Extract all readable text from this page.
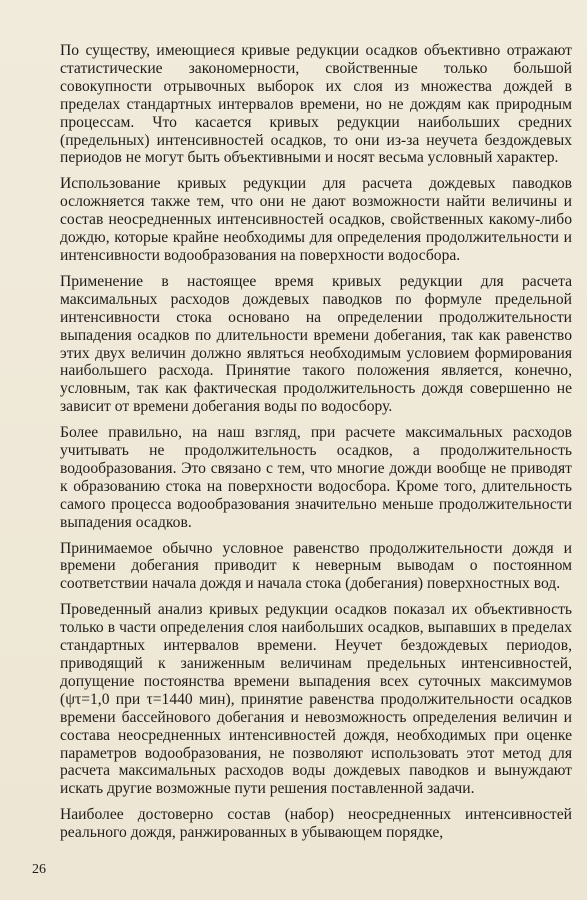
По существу, имеющиеся кривые редукции осадков объективно отражают статистические закономерности, свойственные только большой совокупности отрывочных выборок их слоя из множества дождей в пределах стандартных интервалов времени, но не дождям как природным процессам. Что касается кривых редукции наибольших средних (предельных) интенсивностей осадков, то они из-за неучета бездождевых периодов не могут быть объективными и носят весьма условный характер.

Использование кривых редукции для расчета дождевых паводков осложняется также тем, что они не дают возможности найти величины и состав неосредненных интенсивностей осадков, свойственных какому-либо дождю, которые крайне необходимы для определения продолжительности и интенсивности водообразования на поверхности водосбора.

Применение в настоящее время кривых редукции для расчета максимальных расходов дождевых паводков по формуле предельной интенсивности стока основано на определении продолжительности выпадения осадков по длительности времени добегания, так как равенство этих двух величин должно являться необходимым условием формирования наибольшего расхода. Принятие такого положения является, конечно, условным, так как фактическая продолжительность дождя совершенно не зависит от времени добегания воды по водосбору.

Более правильно, на наш взгляд, при расчете максимальных расходов учитывать не продолжительность осадков, а продолжительность водообразования. Это связано с тем, что многие дожди вообще не приводят к образованию стока на поверхности водосбора. Кроме того, длительность самого процесса водообразования значительно меньше продолжительности выпадения осадков.

Принимаемое обычно условное равенство продолжительности дождя и времени добегания приводит к неверным выводам о постоянном соответствии начала дождя и начала стока (добегания) поверхностных вод.

Проведенный анализ кривых редукции осадков показал их объективность только в части определения слоя наибольших осадков, выпавших в пределах стандартных интервалов времени. Неучет бездождевых периодов, приводящий к заниженным величинам предельных интенсивностей, допущение постоянства времени выпадения всех суточных максимумов (ψτ=1,0 при τ=1440 мин), принятие равенства продолжительности осадков времени бассейнового добегания и невозможность определения величин и состава неосредненных интенсивностей дождя, необходимых при оценке параметров водообразования, не позволяют использовать этот метод для расчета максимальных расходов воды дождевых паводков и вынуждают искать другие возможные пути решения поставленной задачи.

Наиболее достоверно состав (набор) неосредненных интенсивностей реального дождя, ранжированных в убывающем порядке,

26
